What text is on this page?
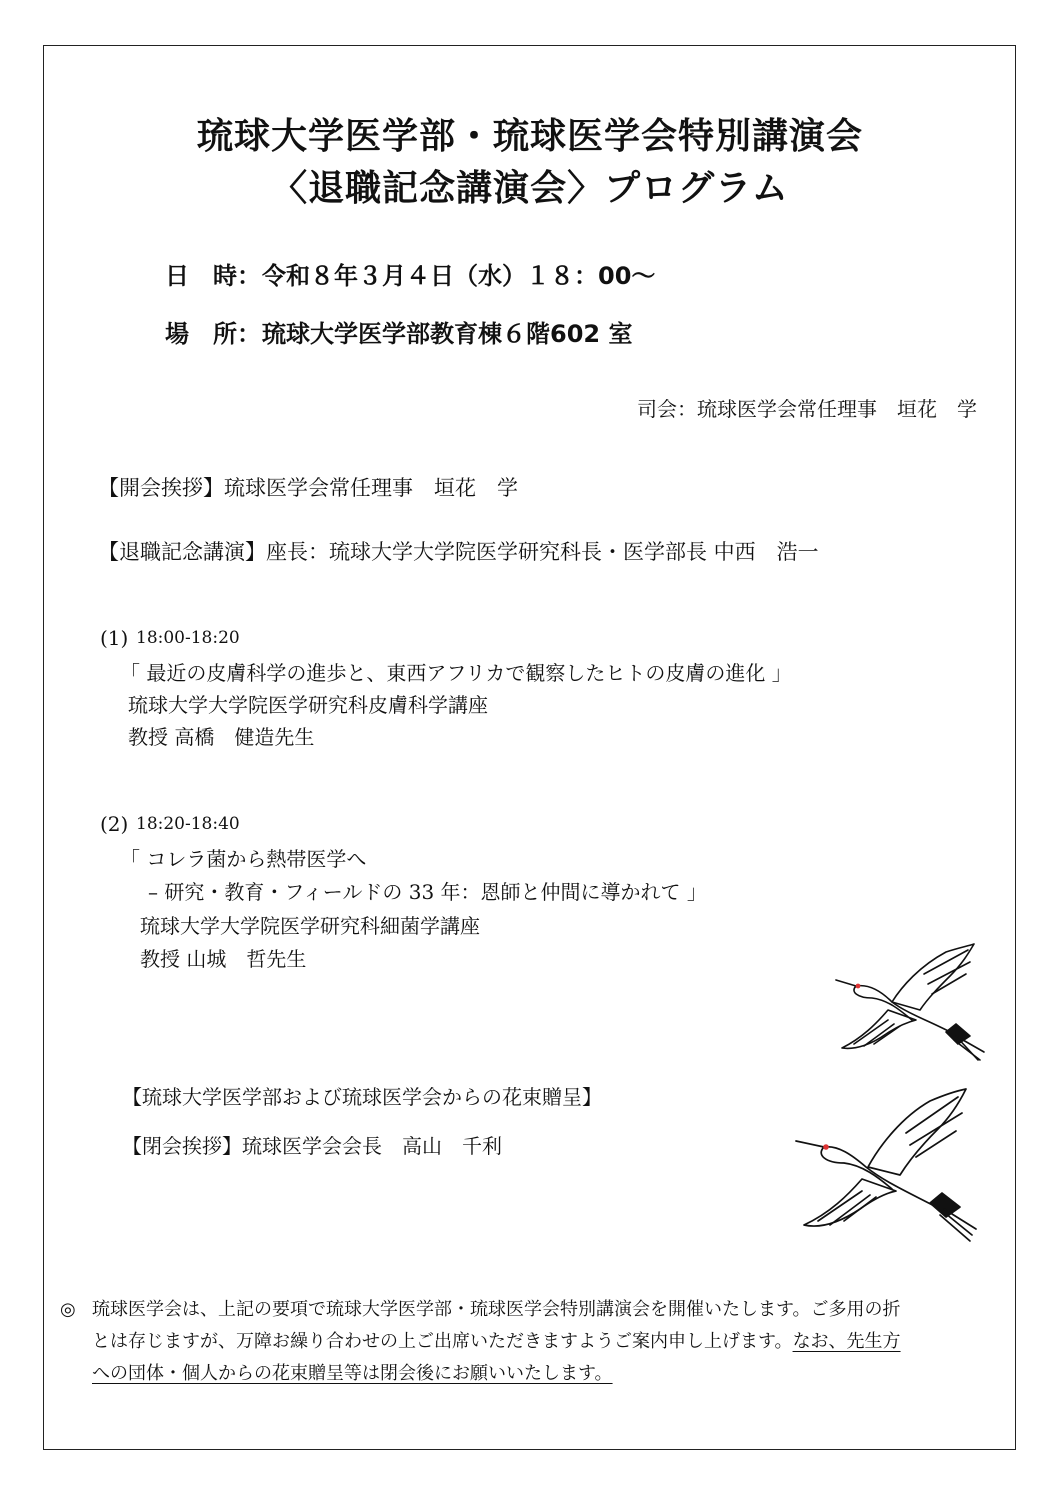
琉球大学医学部・琉球医学会特別講演会
〈退職記念講演会〉プログラム
日　時： 令和８年３月４日（水）１８：00〜
場　所： 琉球大学医学部教育棟６階602 室
司会：琉球医学会常任理事　垣花　学
【開会挨拶】琉球医学会常任理事　垣花　学
【退職記念講演】座長：琉球大学大学院医学研究科長・医学部長 中西　浩一
(1) 18:00-18:20
「 最近の皮膚科学の進歩と、東西アフリカで観察したヒトの皮膚の進化 」
琉球大学大学院医学研究科皮膚科学講座
教授 高橋　健造先生
(2) 18:20-18:40
「 コレラ菌から熱帯医学へ
– 研究・教育・フィールドの 33 年：恩師と仲間に導かれて 」
琉球大学大学院医学研究科細菌学講座
教授 山城　哲先生
【琉球大学医学部および琉球医学会からの花束贈呈】
【閉会挨拶】琉球医学会会長　高山　千利
◎ 琉球医学会は、上記の要項で琉球大学医学部・琉球医学会特別講演会を開催いたします。ご多用の折
とは存じますが、万障お繰り合わせの上ご出席いただきますようご案内申し上げます。なお、先生方
への団体・個人からの花束贈呈等は閉会後にお願いいたします。
